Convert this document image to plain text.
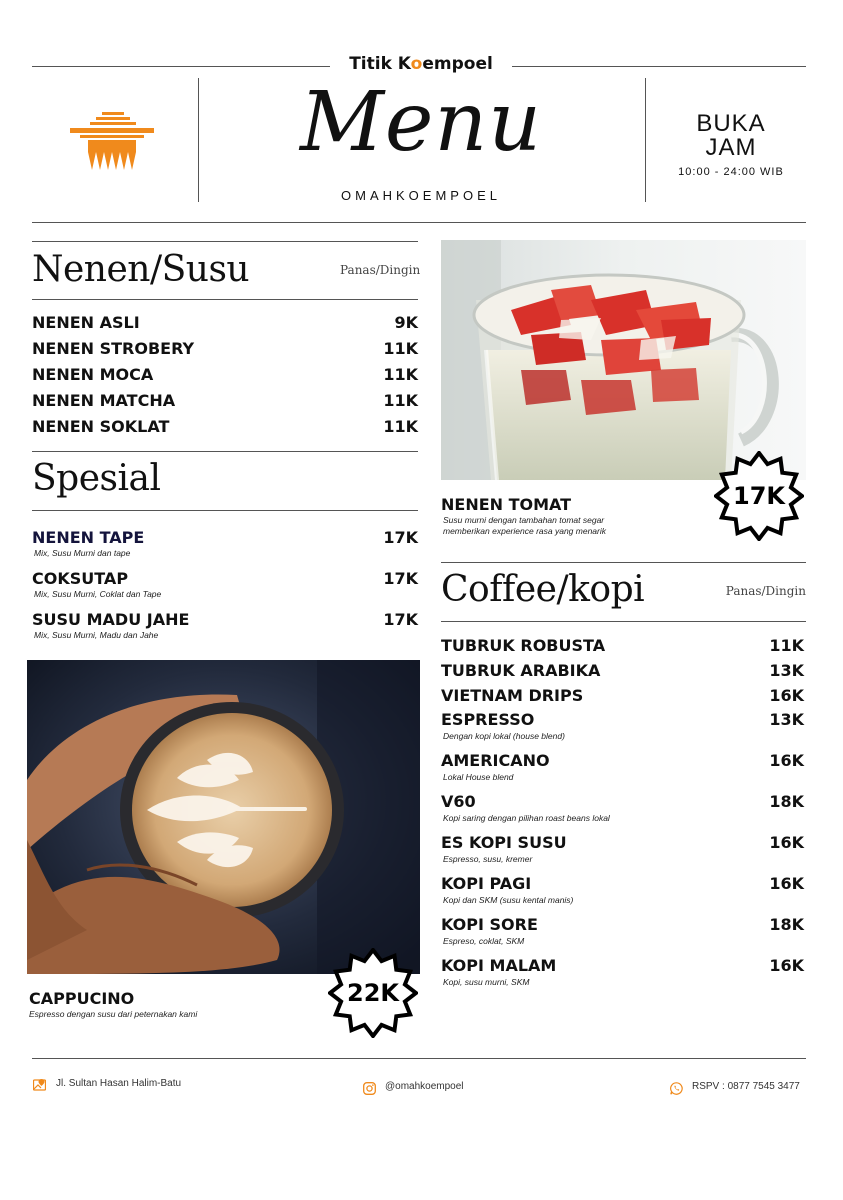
Titik Koempoel
Menu
OMAHKOEMPOEL
BUKA
JAM
10:00 - 24:00 WIB
Nenen/Susu	Panas/Dingin
NENEN ASLI	9K
NENEN STROBERY	11K
NENEN MOCA	11K
NENEN MATCHA	11K
NENEN SOKLAT	11K
Spesial
NENEN TAPE	17K
Mix, Susu Murni dan tape
COKSUTAP	17K
Mix, Susu Murni, Coklat dan Tape
SUSU MADU JAHE	17K
Mix, Susu Murni, Madu dan Jahe
CAPPUCINO
Espresso dengan susu dari peternakan kami
22K
NENEN TOMAT
Susu murni dengan tambahan tomat segar
memberikan experience rasa yang menarik
17K
Coffee/kopi	Panas/Dingin
TUBRUK ROBUSTA	11K
TUBRUK ARABIKA	13K
VIETNAM DRIPS	16K
ESPRESSO	13K
Dengan kopi lokal (house blend)
AMERICANO	16K
Lokal House blend
V60	18K
Kopi saring dengan pilihan roast beans lokal
ES KOPI SUSU	16K
Espresso, susu, kremer
KOPI PAGI	16K
Kopi dan SKM (susu kental manis)
KOPI SORE	18K
Espreso, coklat, SKM
KOPI MALAM	16K
Kopi, susu murni, SKM
Jl. Sultan Hasan Halim-Batu	@omahkoempoel	RSPV : 0877 7545 3477
